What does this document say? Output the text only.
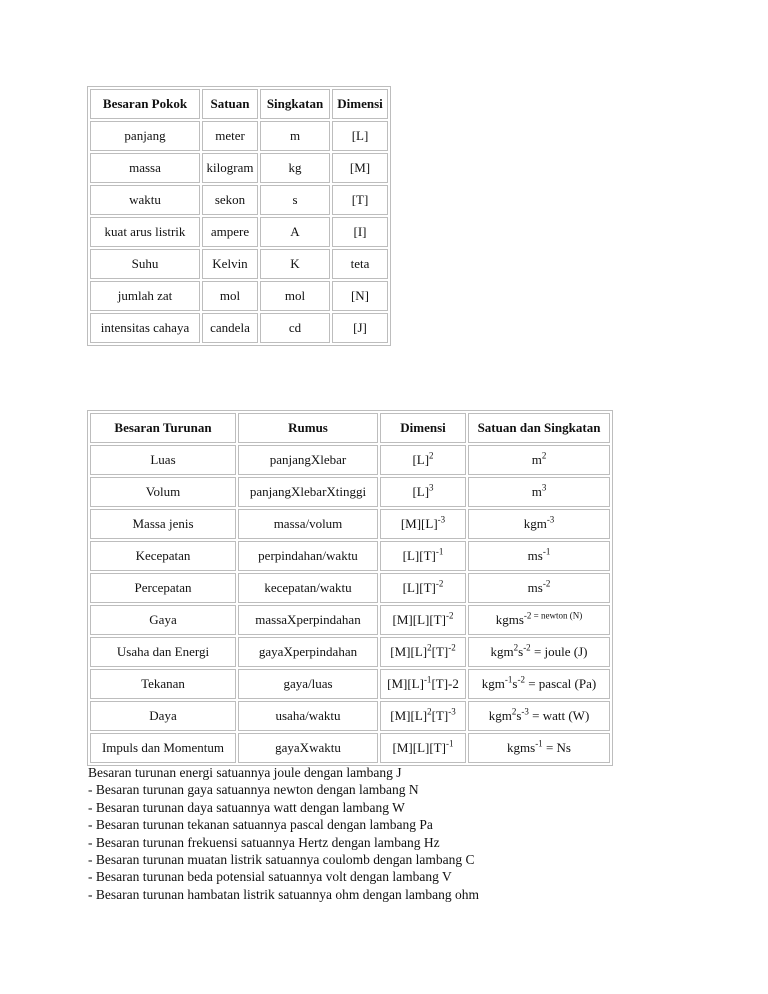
Besaran Pokok	Satuan	Singkatan	Dimensi
panjang	meter	m	[L]
massa	kilogram	kg	[M]
waktu	sekon	s	[T]
kuat arus listrik	ampere	A	[I]
Suhu	Kelvin	K	teta
jumlah zat	mol	mol	[N]
intensitas cahaya	candela	cd	[J]
Besaran Turunan	Rumus	Dimensi	Satuan dan Singkatan
Luas	panjangXlebar	$[L]^2$	$m^2$
Volum	panjangXlebarXtinggi	$[L]^3$	$m^3$
Massa jenis	massa/volum	$[M][L]^{-3}$	kgm$^{-3}$
Kecepatan	perpindahan/waktu	$[L][T]^{-1}$	$ms^{-1}$
Percepatan	kecepatan/waktu	$[L][T]^{-2}$	$ms^{-2}$
Gaya	massaXperpindahan	$[M][L][T]^{-2}$	kgms$^{-2}$ $^{= newton (N)}$
Usaha dan Energi	gayaXperpindahan	$[M][L]^2[T]^{-2}$	$kgm^2s^{-2}$ = joule (J)
Tekanan	gaya/luas	$[M][L]^{-1}[T]-2$	$kgm^{-1}s^{-2}$ = pascal (Pa)
Daya	usaha/waktu	$[M][L]^2[T]^{-3}$	$kgm^2s^{-3}$ = watt (W)
Impuls dan Momentum	gayaXwaktu	$[M][L][T]^{-1}$	kgms$^{-1}$ = Ns
Besaran turunan energi satuannya joule dengan lambang J
- Besaran turunan gaya satuannya newton dengan lambang N
- Besaran turunan daya satuannya watt dengan lambang W
- Besaran turunan tekanan satuannya pascal dengan lambang Pa
- Besaran turunan frekuensi satuannya Hertz dengan lambang Hz
- Besaran turunan muatan listrik satuannya coulomb dengan lambang C
- Besaran turunan beda potensial satuannya volt dengan lambang V
- Besaran turunan hambatan listrik satuannya ohm dengan lambang ohm
